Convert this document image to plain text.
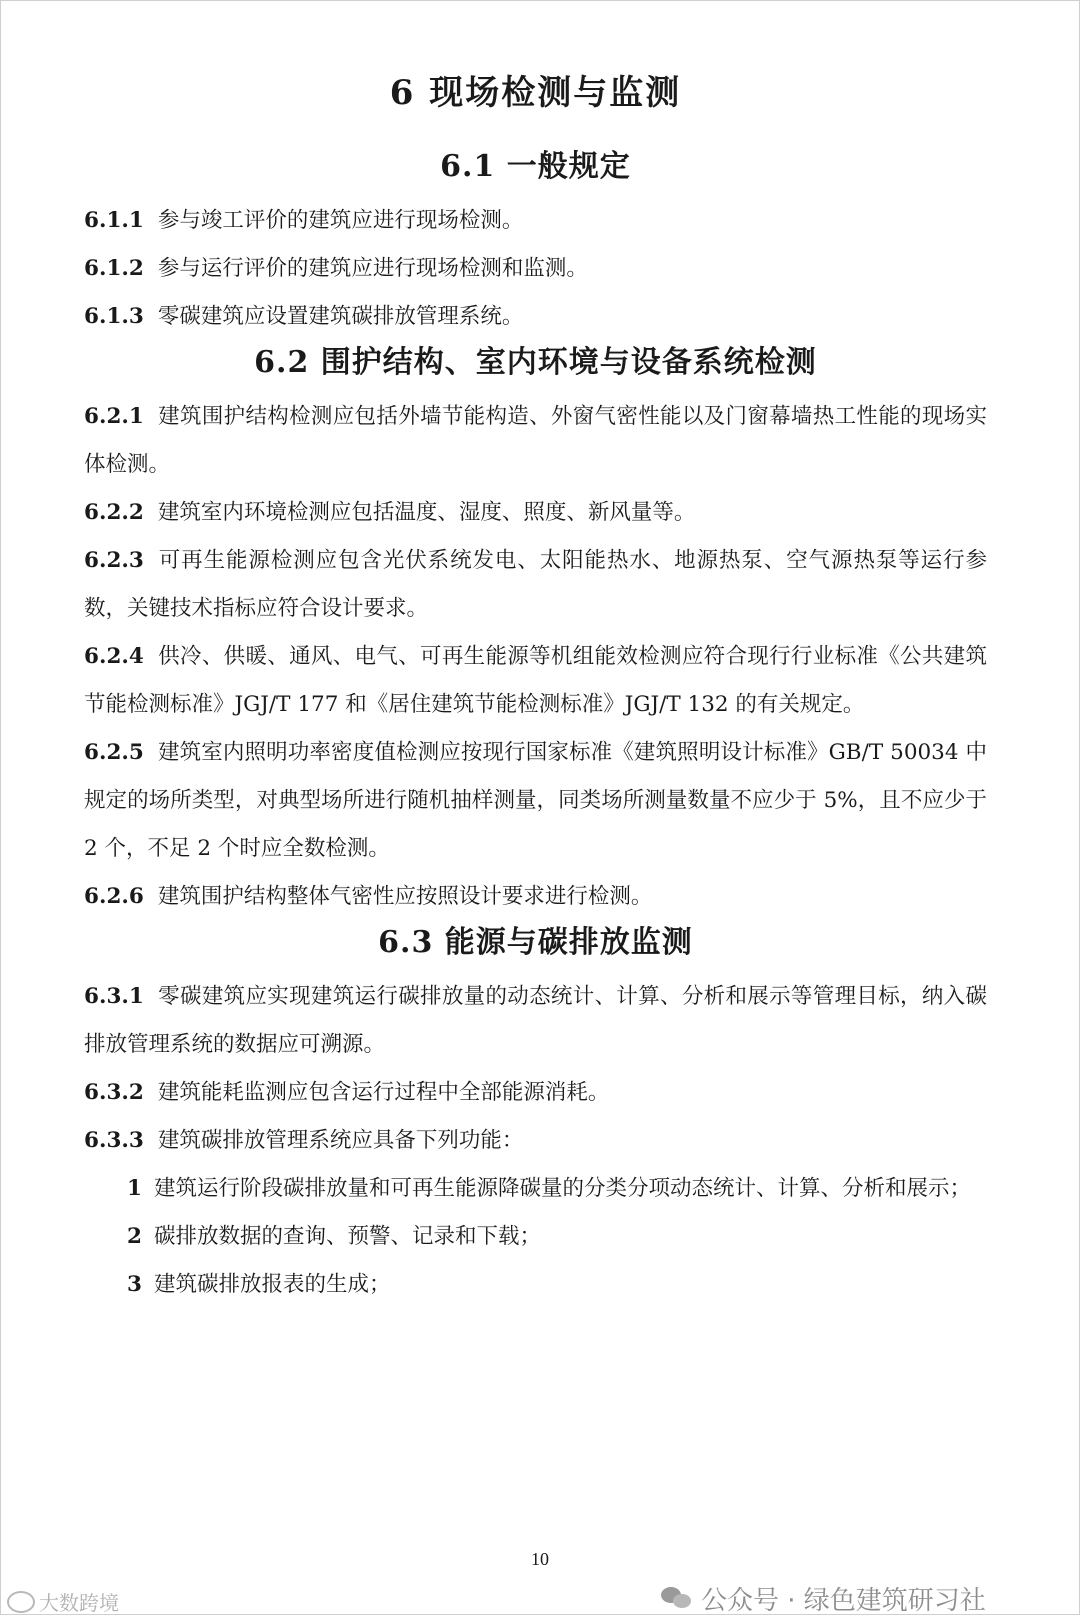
6 现场检测与监测
6.1 一般规定

6.1.1 参与竣工评价的建筑应进行现场检测。

6.1.2 参与运行评价的建筑应进行现场检测和监测。

6.1.3 零碳建筑应设置建筑碳排放管理系统。

6.2 围护结构、室内环境与设备系统检测

6.2.1 建筑围护结构检测应包括外墙节能构造、外窗气密性能以及门窗幕墙热工性能的现场实体检测。

6.2.2 建筑室内环境检测应包括温度、湿度、照度、新风量等。

6.2.3 可再生能源检测应包含光伏系统发电、太阳能热水、地源热泵、空气源热泵等运行参数，关键技术指标应符合设计要求。

6.2.4 供冷、供暖、通风、电气、可再生能源等机组能效检测应符合现行行业标准《公共建筑节能检测标准》JGJ/T 177 和《居住建筑节能检测标准》JGJ/T 132 的有关规定。

6.2.5 建筑室内照明功率密度值检测应按现行国家标准《建筑照明设计标准》GB/T 50034 中规定的场所类型，对典型场所进行随机抽样测量，同类场所测量数量不应少于 5%，且不应少于 2 个，不足 2 个时应全数检测。

6.2.6 建筑围护结构整体气密性应按照设计要求进行检测。

6.3 能源与碳排放监测

6.3.1 零碳建筑应实现建筑运行碳排放量的动态统计、计算、分析和展示等管理目标，纳入碳排放管理系统的数据应可溯源。

6.3.2 建筑能耗监测应包含运行过程中全部能源消耗。

6.3.3 建筑碳排放管理系统应具备下列功能：

1 建筑运行阶段碳排放量和可再生能源降碳量的分类分项动态统计、计算、分析和展示；

2 碳排放数据的查询、预警、记录和下载；

3 建筑碳排放报表的生成；

10
公众号 · 绿色建筑研习社
大数跨境
